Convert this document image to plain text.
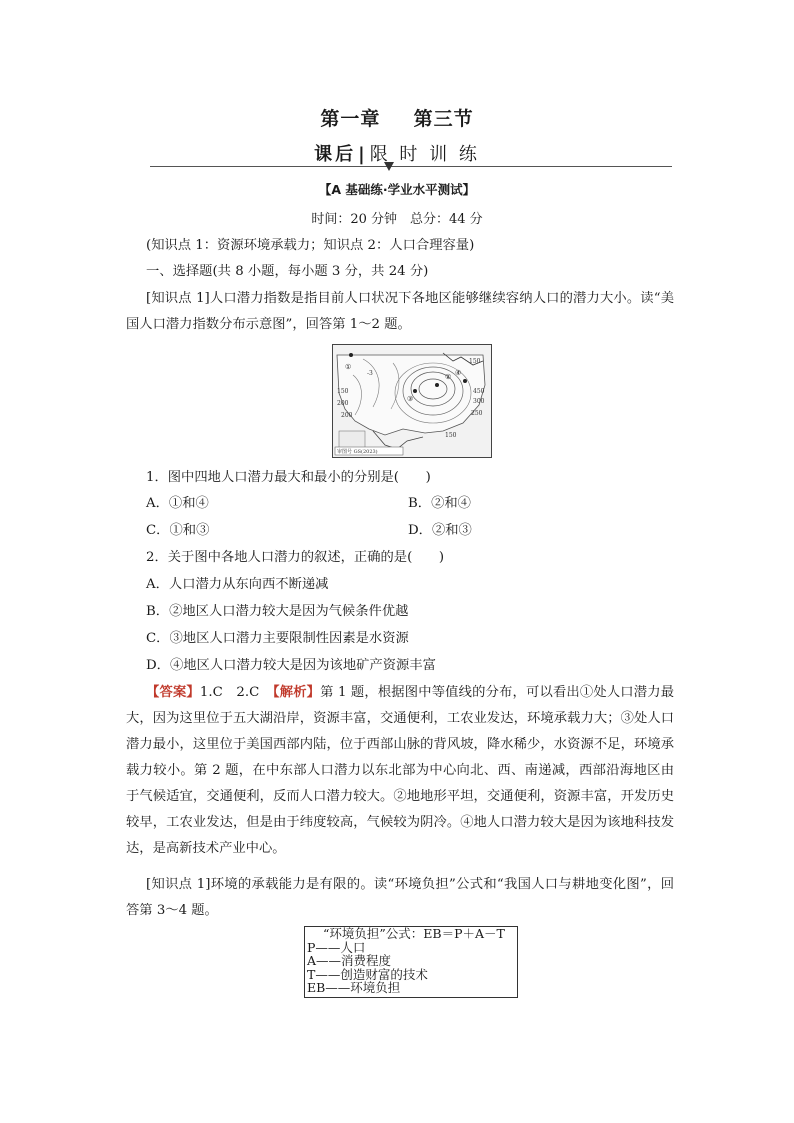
第一章 第三节
课后 | 限 时 训 练
【A 基础练·学业水平测试】
时间：20 分钟　总分：44 分
(知识点 1：资源环境承载力；知识点 2：人口合理容量)
一、选择题(共 8 小题，每小题 3 分，共 24 分)
[知识点 1]人口潜力指数是指目前人口状况下各地区能够继续容纳人口的潜力大小。读“美国人口潜力指数分布示意图”，回答第 1～2 题。
①
②
③
④
150
450
300
250
200
200
150
150
-3
审图号 GS(2023)
1．图中四地人口潜力最大和最小的分别是(　　)
A．①和④	B．②和④
C．①和③	D．②和③
2．关于图中各地人口潜力的叙述，正确的是(　　)
A．人口潜力从东向西不断递减
B．②地区人口潜力较大是因为气候条件优越
C．③地区人口潜力主要限制性因素是水资源
D．④地区人口潜力较大是因为该地矿产资源丰富
【答案】1.C　2.C　 【解析】第 1 题，根据图中等值线的分布，可以看出①处人口潜力最大，因为这里位于五大湖沿岸，资源丰富，交通便利，工农业发达，环境承载力大；③处人口潜力最小，这里位于美国西部内陆，位于西部山脉的背风坡，降水稀少，水资源不足，环境承载力较小。第 2 题，在中东部人口潜力以东北部为中心向北、西、南递减，西部沿海地区由于气候适宜，交通便利，反而人口潜力较大。②地地形平坦，交通便利，资源丰富，开发历史较早，工农业发达，但是由于纬度较高，气候较为阴冷。④地人口潜力较大是因为该地科技发达，是高新技术产业中心。
[知识点 1]环境的承载能力是有限的。读“环境负担”公式和“我国人口与耕地变化图”，回答第 3～4 题。
“环境负担”公式：EB＝P＋A－T
P——人口
A——消费程度
T——创造财富的技术
EB——环境负担
